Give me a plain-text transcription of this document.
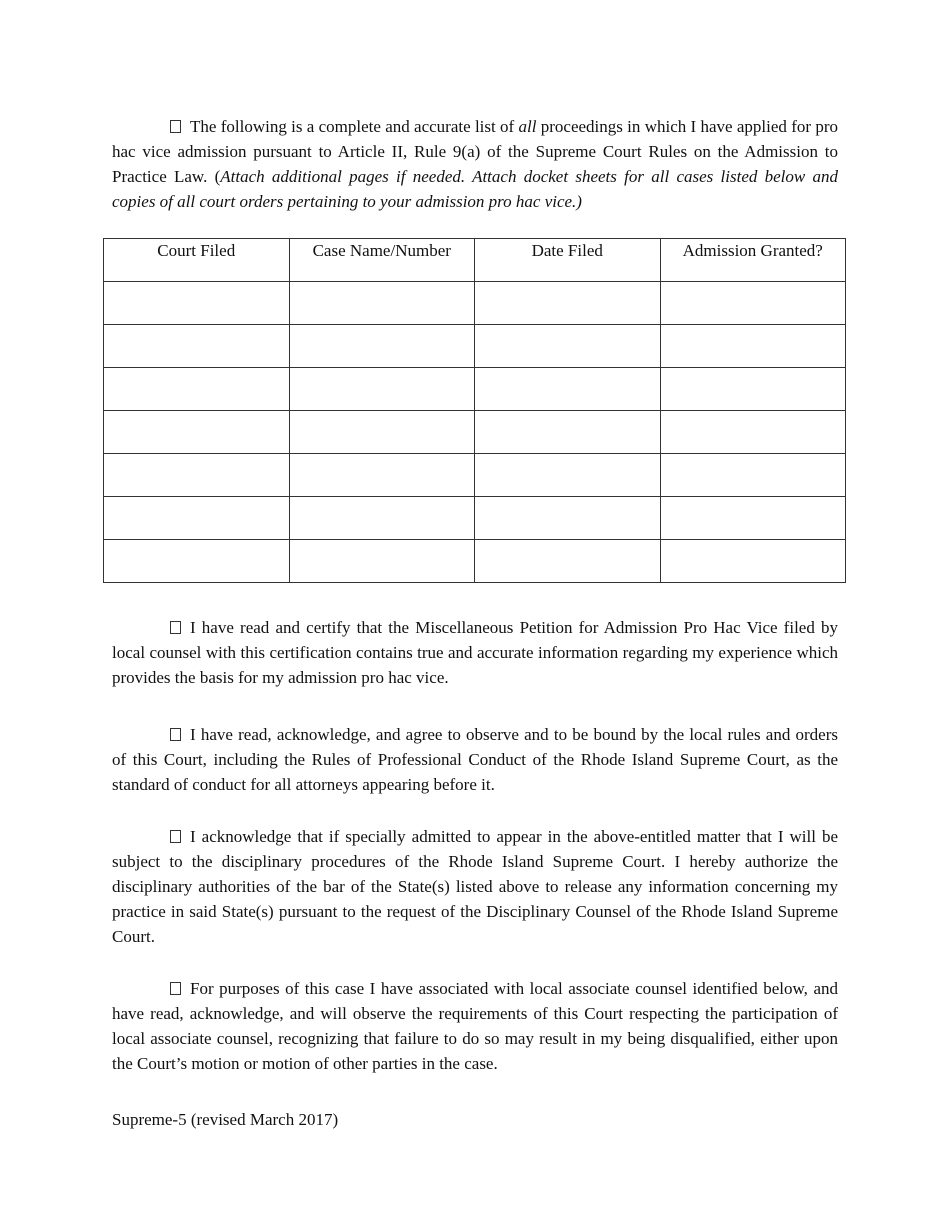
The following is a complete and accurate list of all proceedings in which I have applied for pro hac vice admission pursuant to Article II, Rule 9(a) of the Supreme Court Rules on the Admission to Practice Law. (Attach additional pages if needed. Attach docket sheets for all cases listed below and copies of all court orders pertaining to your admission pro hac vice.)

Court Filed	Case Name/Number	Date Filed	Admission Granted?

I have read and certify that the Miscellaneous Petition for Admission Pro Hac Vice filed by local counsel with this certification contains true and accurate information regarding my experience which provides the basis for my admission pro hac vice.

I have read, acknowledge, and agree to observe and to be bound by the local rules and orders of this Court, including the Rules of Professional Conduct of the Rhode Island Supreme Court, as the standard of conduct for all attorneys appearing before it.

I acknowledge that if specially admitted to appear in the above-entitled matter that I will be subject to the disciplinary procedures of the Rhode Island Supreme Court. I hereby authorize the disciplinary authorities of the bar of the State(s) listed above to release any information concerning my practice in said State(s) pursuant to the request of the Disciplinary Counsel of the Rhode Island Supreme Court.

For purposes of this case I have associated with local associate counsel identified below, and have read, acknowledge, and will observe the requirements of this Court respecting the participation of local associate counsel, recognizing that failure to do so may result in my being disqualified, either upon the Court’s motion or motion of other parties in the case.

Supreme-5 (revised March 2017)
